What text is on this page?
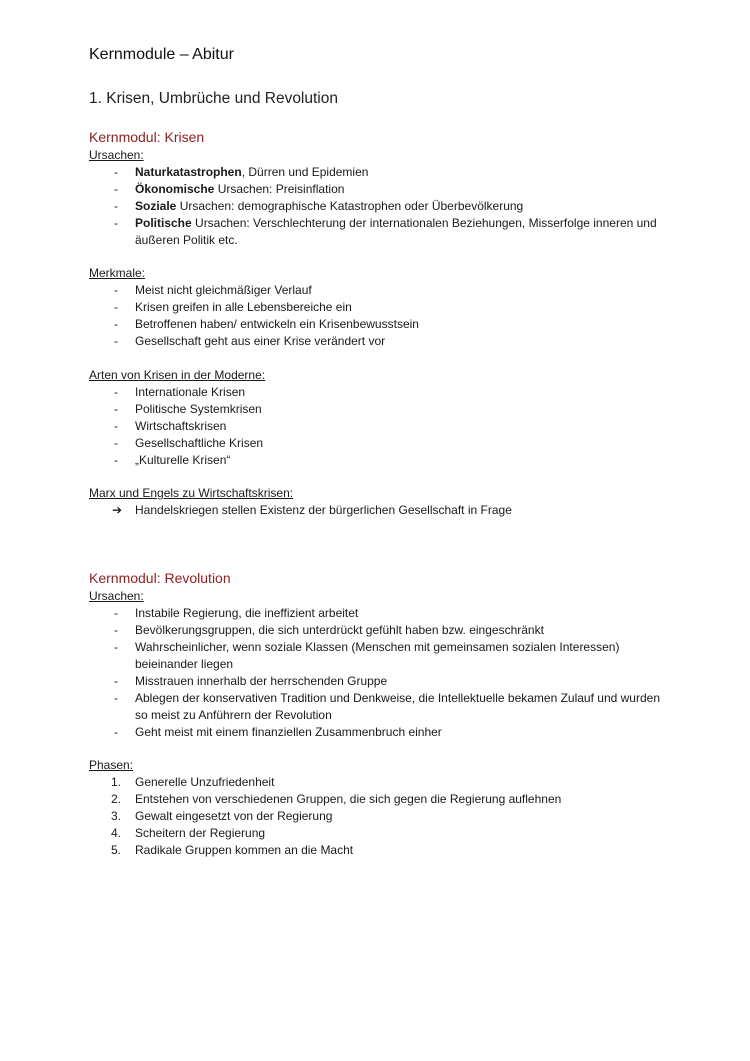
Kernmodule – Abitur
1. Krisen, Umbrüche und Revolution
Kernmodul: Krisen
Ursachen:
-	Naturkatastrophen, Dürren und Epidemien
-	Ökonomische Ursachen: Preisinflation
-	Soziale Ursachen: demographische Katastrophen oder Überbevölkerung
-	Politische Ursachen: Verschlechterung der internationalen Beziehungen, Misserfolge inneren und äußeren Politik etc.
Merkmale:
-	Meist nicht gleichmäßiger Verlauf
-	Krisen greifen in alle Lebensbereiche ein
-	Betroffenen haben/ entwickeln ein Krisenbewusstsein
-	Gesellschaft geht aus einer Krise verändert vor
Arten von Krisen in der Moderne:
-	Internationale Krisen
-	Politische Systemkrisen
-	Wirtschaftskrisen
-	Gesellschaftliche Krisen
-	„Kulturelle Krisen“
Marx und Engels zu Wirtschaftskrisen:
➔ Handelskriegen stellen Existenz der bürgerlichen Gesellschaft in Frage
Kernmodul: Revolution
Ursachen:
-	Instabile Regierung, die ineffizient arbeitet
-	Bevölkerungsgruppen, die sich unterdrückt gefühlt haben bzw. eingeschränkt
-	Wahrscheinlicher, wenn soziale Klassen (Menschen mit gemeinsamen sozialen Interessen) beieinander liegen
-	Misstrauen innerhalb der herrschenden Gruppe
-	Ablegen der konservativen Tradition und Denkweise, die Intellektuelle bekamen Zulauf und wurden so meist zu Anführern der Revolution
-	Geht meist mit einem finanziellen Zusammenbruch einher
Phasen:
1.	Generelle Unzufriedenheit
2.	Entstehen von verschiedenen Gruppen, die sich gegen die Regierung auflehnen
3.	Gewalt eingesetzt von der Regierung
4.	Scheitern der Regierung
5.	Radikale Gruppen kommen an die Macht
